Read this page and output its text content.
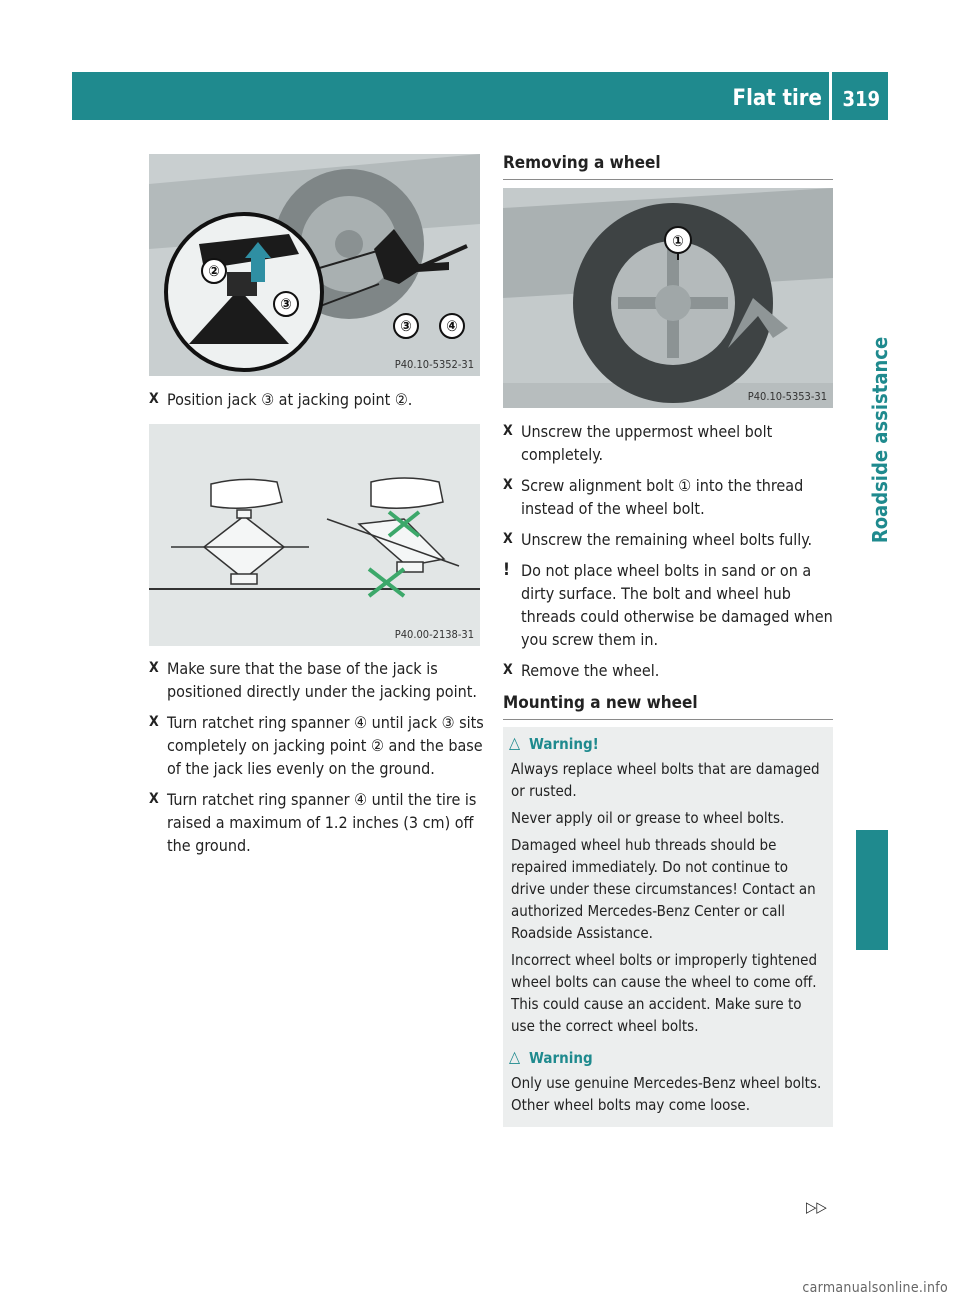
Flat tire 319
Roadside assistance
②
③
③ ④
P40.10-5352-31
P40.00-2138-31
X Position jack ③ at jacking point ②.
X Make sure that the base of the jack is positioned directly under the jacking point.
X Turn ratchet ring spanner ④ until jack ③ sits completely on jacking point ② and the base of the jack lies evenly on the ground.
X Turn ratchet ring spanner ④ until the tire is raised a maximum of 1.2 inches (3 cm) off the ground.
Removing a wheel
①
P40.10-5353-31
X Unscrew the uppermost wheel bolt completely.
X Screw alignment bolt ① into the thread instead of the wheel bolt.
X Unscrew the remaining wheel bolts fully.
! Do not place wheel bolts in sand or on a dirty surface. The bolt and wheel hub threads could otherwise be damaged when you screw them in.
X Remove the wheel.
Mounting a new wheel
△ Warning!

Always replace wheel bolts that are damaged or rusted.

Never apply oil or grease to wheel bolts.

Damaged wheel hub threads should be repaired immediately. Do not continue to drive under these circumstances! Contact an authorized Mercedes-Benz Center or call Roadside Assistance.

Incorrect wheel bolts or improperly tightened wheel bolts can cause the wheel to come off. This could cause an accident. Make sure to use the correct wheel bolts.

△ Warning

Only use genuine Mercedes-Benz wheel bolts. Other wheel bolts may come loose.

▷▷
carmanualsonline.info
